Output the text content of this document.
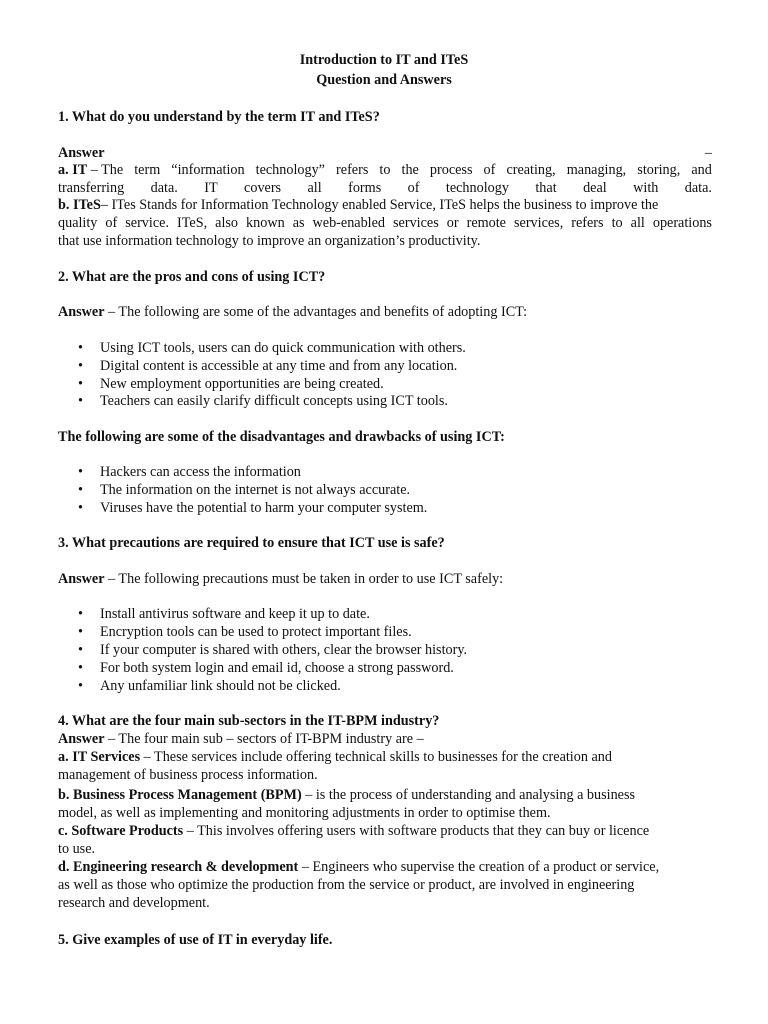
Introduction to IT and ITeS
Question and Answers
1. What do you understand by the term IT and ITeS?
Answer	–
a. IT – The term “information technology” refers to the process of creating, managing, storing, and
transferring data. IT covers all forms of technology that deal with data.
b. ITeS– ITes Stands for Information Technology enabled Service, ITeS helps the business to improve the
quality of service. ITeS, also known as web-enabled services or remote services, refers to all operations
that use information technology to improve an organization’s productivity.
2. What are the pros and cons of using ICT?
Answer – The following are some of the advantages and benefits of adopting ICT:
• Using ICT tools, users can do quick communication with others.
• Digital content is accessible at any time and from any location.
• New employment opportunities are being created.
• Teachers can easily clarify difficult concepts using ICT tools.
The following are some of the disadvantages and drawbacks of using ICT:
• Hackers can access the information
• The information on the internet is not always accurate.
• Viruses have the potential to harm your computer system.
3. What precautions are required to ensure that ICT use is safe?
Answer – The following precautions must be taken in order to use ICT safely:
• Install antivirus software and keep it up to date.
• Encryption tools can be used to protect important files.
• If your computer is shared with others, clear the browser history.
• For both system login and email id, choose a strong password.
• Any unfamiliar link should not be clicked.
4. What are the four main sub-sectors in the IT-BPM industry?
Answer – The four main sub – sectors of IT-BPM industry are –
a. IT Services – These services include offering technical skills to businesses for the creation and
management of business process information.
b. Business Process Management (BPM) – is the process of understanding and analysing a business
model, as well as implementing and monitoring adjustments in order to optimise them.
c. Software Products – This involves offering users with software products that they can buy or licence
to use.
d. Engineering research & development – Engineers who supervise the creation of a product or service,
as well as those who optimize the production from the service or product, are involved in engineering
research and development.
5. Give examples of use of IT in everyday life.
